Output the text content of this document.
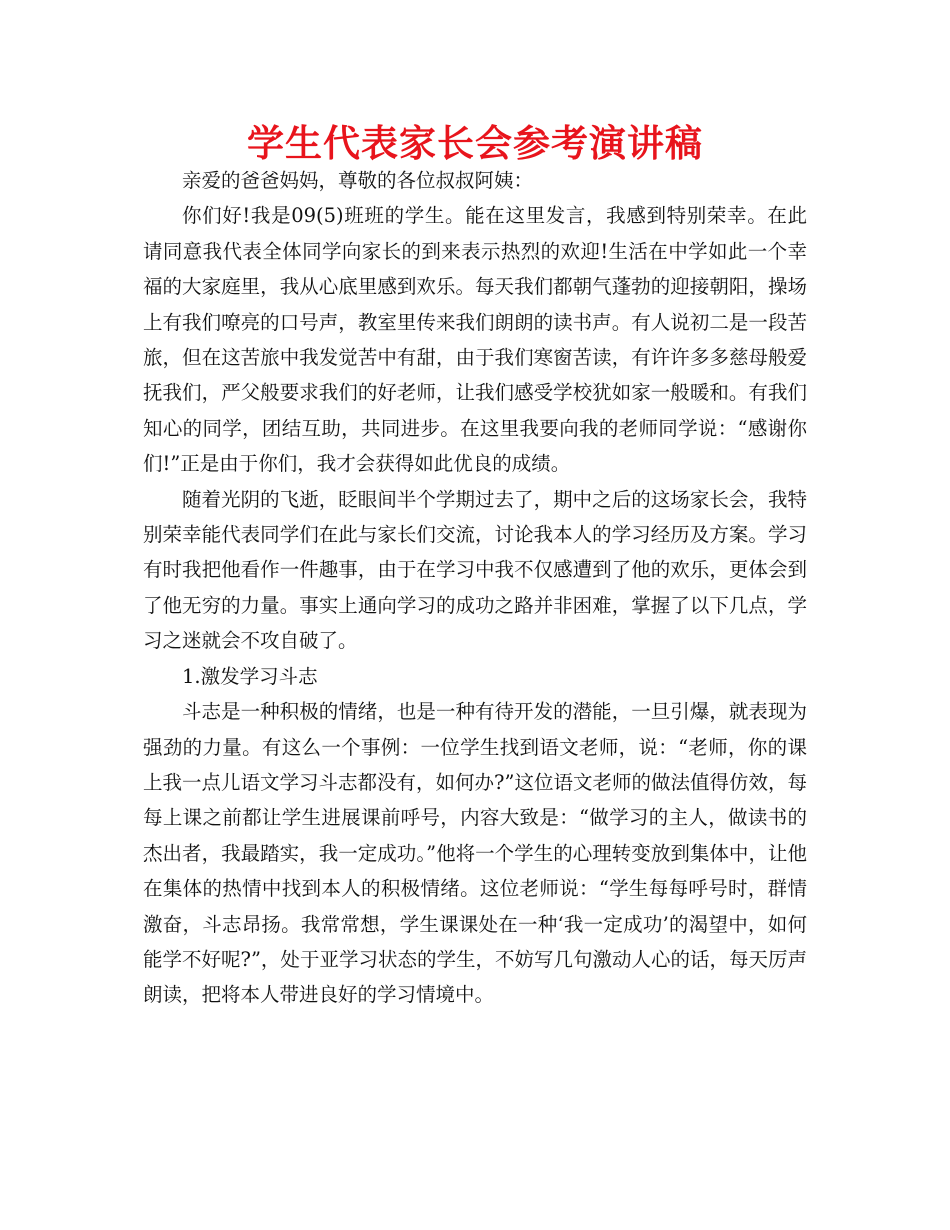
学生代表家长会参考演讲稿

亲爱的爸爸妈妈，尊敬的各位叔叔阿姨：

你们好!我是09(5)班班的学生。能在这里发言，我感到特别荣幸。在此请同意我代表全体同学向家长的到来表示热烈的欢迎!生活在中学如此一个幸福的大家庭里，我从心底里感到欢乐。每天我们都朝气蓬勃的迎接朝阳，操场上有我们嘹亮的口号声，教室里传来我们朗朗的读书声。有人说初二是一段苦旅，但在这苦旅中我发觉苦中有甜，由于我们寒窗苦读，有许许多多慈母般爱抚我们，严父般要求我们的好老师，让我们感受学校犹如家一般暖和。有我们知心的同学，团结互助，共同进步。在这里我要向我的老师同学说：“感谢你们!”正是由于你们，我才会获得如此优良的成绩。

随着光阴的飞逝，眨眼间半个学期过去了，期中之后的这场家长会，我特别荣幸能代表同学们在此与家长们交流，讨论我本人的学习经历及方案。学习有时我把他看作一件趣事，由于在学习中我不仅感遭到了他的欢乐，更体会到了他无穷的力量。事实上通向学习的成功之路并非困难，掌握了以下几点，学习之迷就会不攻自破了。

1.激发学习斗志

斗志是一种积极的情绪，也是一种有待开发的潜能，一旦引爆，就表现为强劲的力量。有这么一个事例：一位学生找到语文老师，说：“老师，你的课上我一点儿语文学习斗志都没有，如何办?”这位语文老师的做法值得仿效，每每上课之前都让学生进展课前呼号，内容大致是：“做学习的主人，做读书的杰出者，我最踏实，我一定成功。”他将一个学生的心理转变放到集体中，让他在集体的热情中找到本人的积极情绪。这位老师说：“学生每每呼号时，群情激奋，斗志昂扬。我常常想，学生课课处在一种‘我一定成功’的渴望中，如何能学不好呢?”，处于亚学习状态的学生，不妨写几句激动人心的话，每天厉声朗读，把将本人带进良好的学习情境中。
